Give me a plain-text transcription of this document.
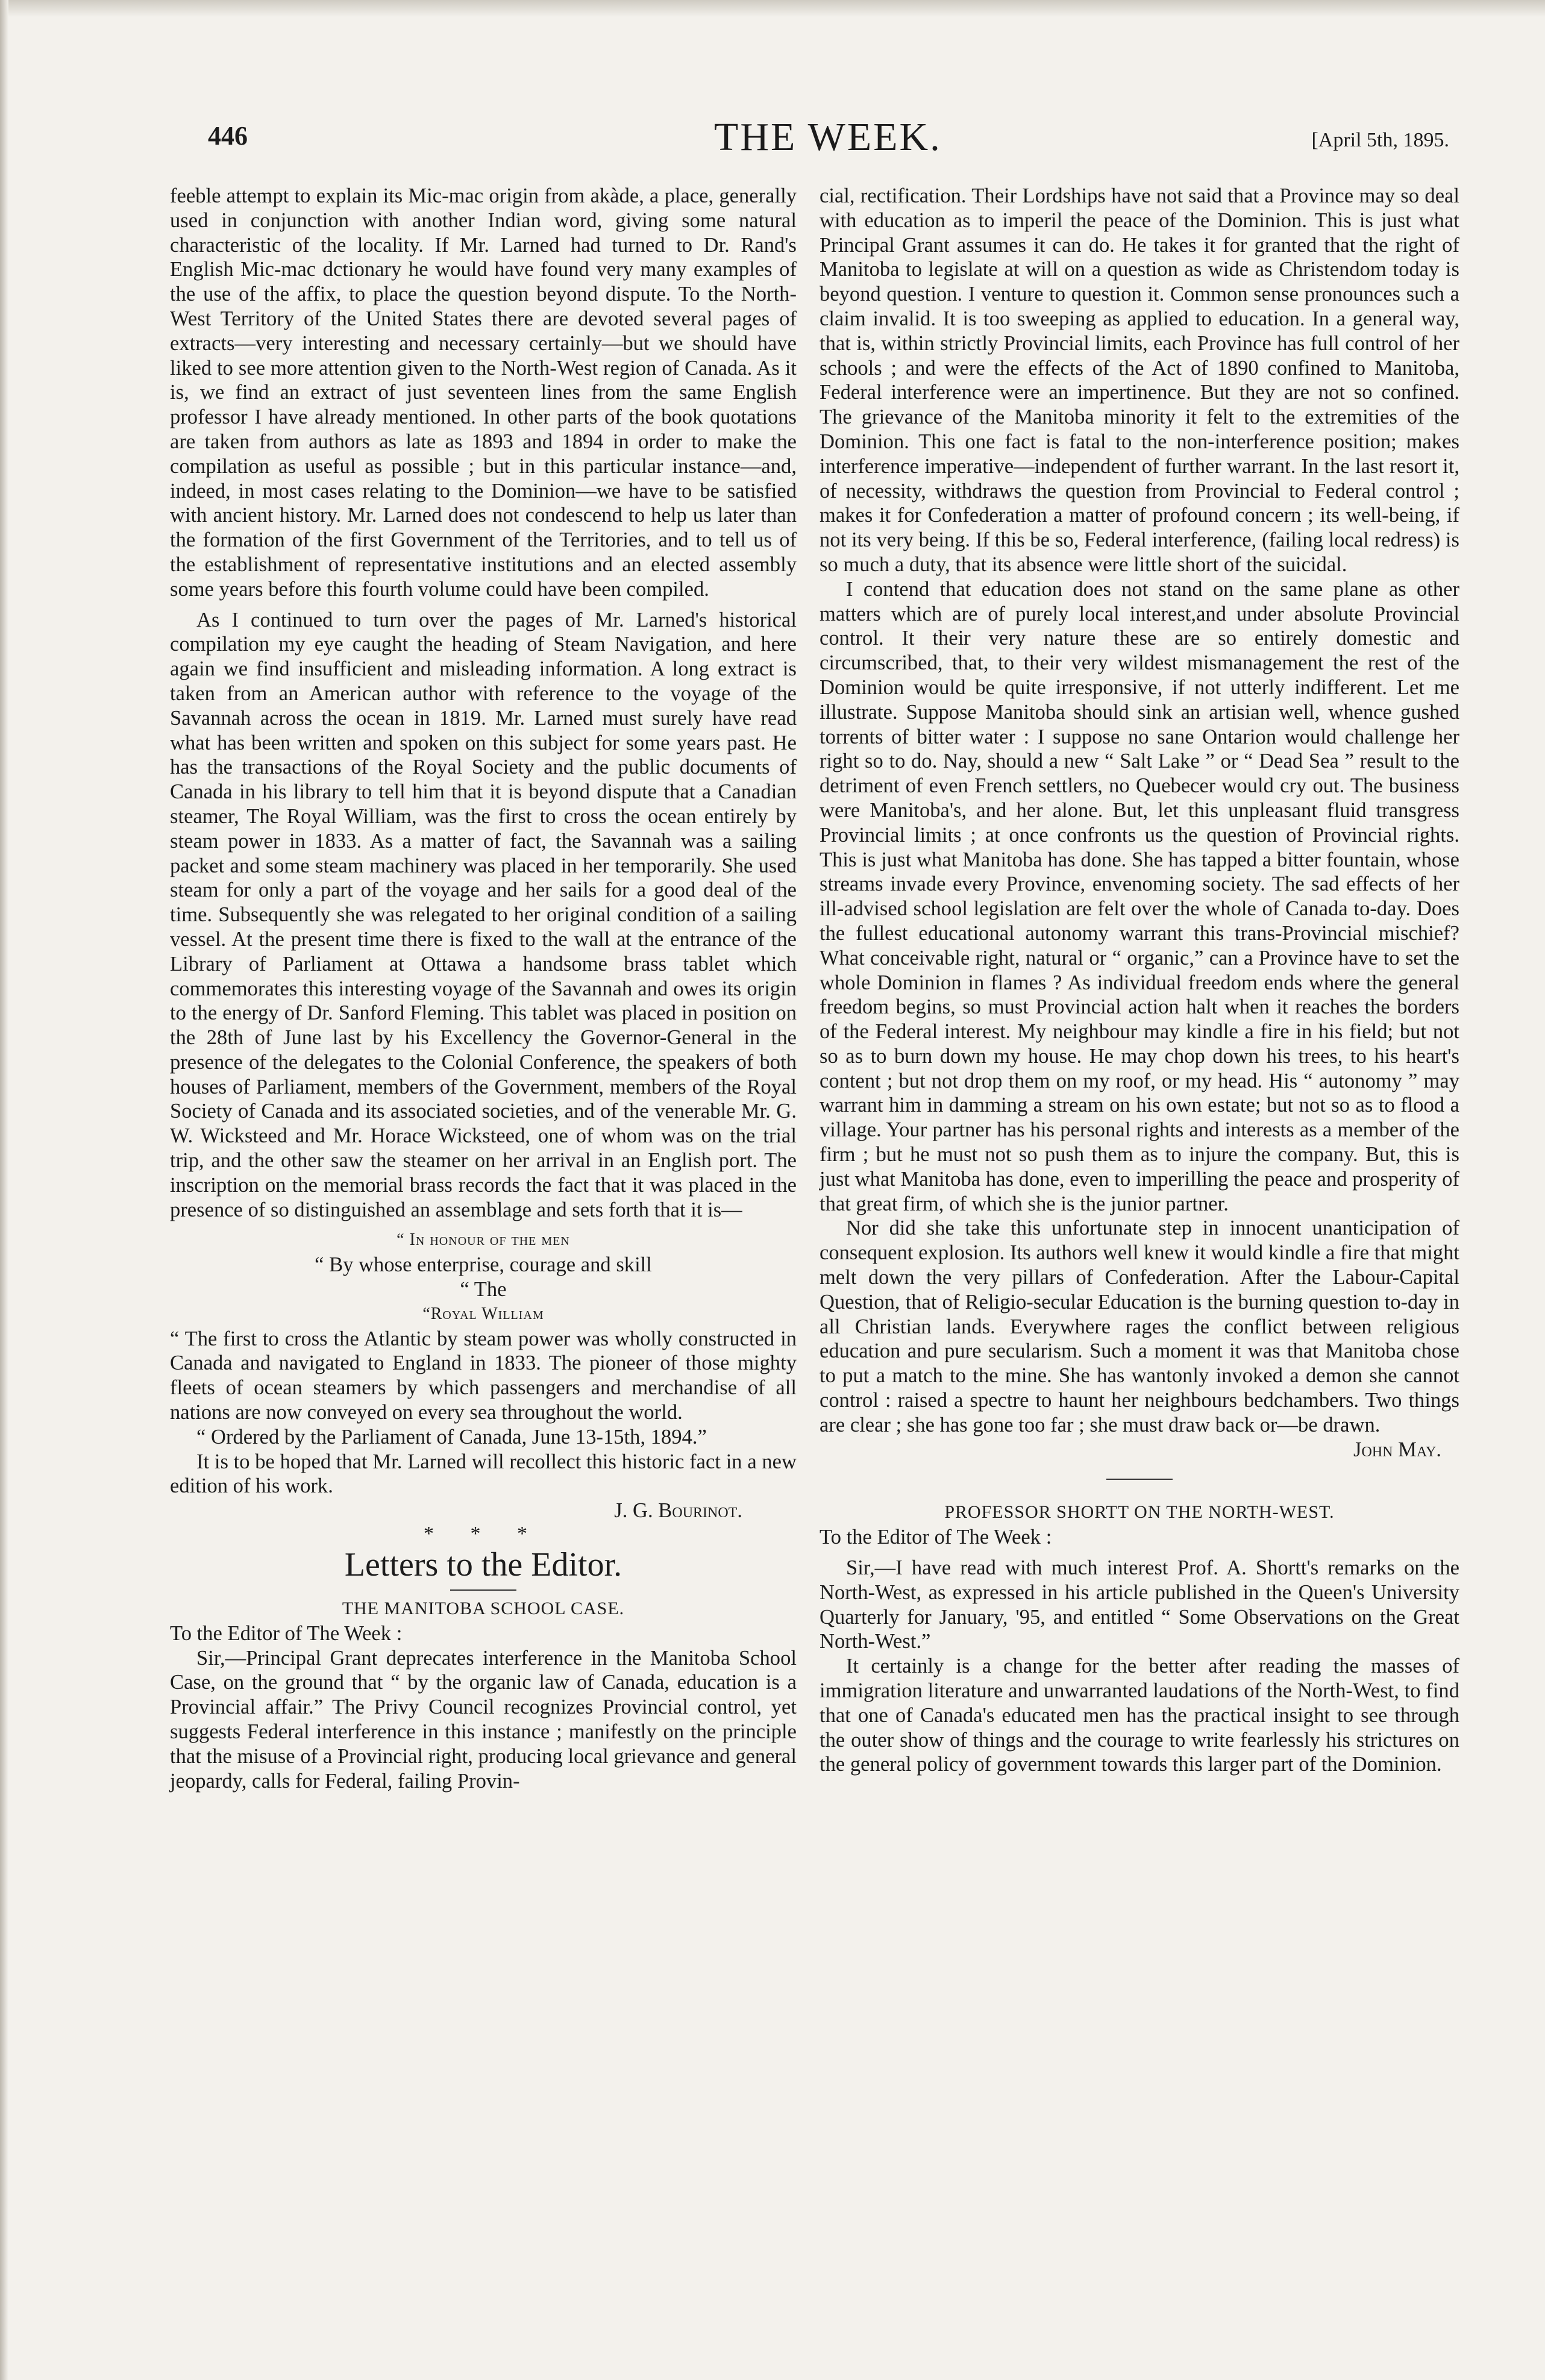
446	THE WEEK.	[April 5th, 1895.

feeble attempt to explain its Mic-mac origin from akàde, a place, generally used in conjunction with another Indian word, giving some natural characteristic of the locality. If Mr. Larned had turned to Dr. Rand's English Mic-mac dctionary he would have found very many examples of the use of the affix, to place the question beyond dispute. To the North-West Territory of the United States there are devoted several pages of extracts—very interesting and necessary certainly—but we should have liked to see more attention given to the North-West region of Canada. As it is, we find an extract of just seventeen lines from the same English professor I have already mentioned. In other parts of the book quotations are taken from authors as late as 1893 and 1894 in order to make the compilation as useful as possible ; but in this particular instance—and, indeed, in most cases relating to the Dominion—we have to be satisfied with ancient history. Mr. Larned does not condescend to help us later than the formation of the first Government of the Territories, and to tell us of the establishment of representative institutions and an elected assembly some years before this fourth volume could have been compiled.

As I continued to turn over the pages of Mr. Larned's historical compilation my eye caught the heading of Steam Navigation, and here again we find insufficient and misleading information. A long extract is taken from an American author with reference to the voyage of the Savannah across the ocean in 1819. Mr. Larned must surely have read what has been written and spoken on this subject for some years past. He has the transactions of the Royal Society and the public documents of Canada in his library to tell him that it is beyond dispute that a Canadian steamer, The Royal William, was the first to cross the ocean entirely by steam power in 1833. As a matter of fact, the Savannah was a sailing packet and some steam machinery was placed in her temporarily. She used steam for only a part of the voyage and her sails for a good deal of the time. Subsequently she was relegated to her original condition of a sailing vessel. At the present time there is fixed to the wall at the entrance of the Library of Parliament at Ottawa a handsome brass tablet which commemorates this interesting voyage of the Savannah and owes its origin to the energy of Dr. Sanford Fleming. This tablet was placed in position on the 28th of June last by his Excellency the Governor-General in the presence of the delegates to the Colonial Conference, the speakers of both houses of Parliament, members of the Government, members of the Royal Society of Canada and its associated societies, and of the venerable Mr. G. W. Wicksteed and Mr. Horace Wicksteed, one of whom was on the trial trip, and the other saw the steamer on her arrival in an English port. The inscription on the memorial brass records the fact that it was placed in the presence of so distinguished an assemblage and sets forth that it is—

“ In honour of the men

“ By whose enterprise, courage and skill

“ The

“Royal William

“ The first to cross the Atlantic by steam power was wholly constructed in Canada and navigated to England in 1833. The pioneer of those mighty fleets of ocean steamers by which passengers and merchandise of all nations are now conveyed on every sea throughout the world.

“ Ordered by the Parliament of Canada, June 13-15th, 1894.”

It is to be hoped that Mr. Larned will recollect this historic fact in a new edition of his work.

J. G. Bourinot.

* * *

Letters to the Editor.

THE MANITOBA SCHOOL CASE.

To the Editor of The Week :

Sir,—Principal Grant deprecates interference in the Manitoba School Case, on the ground that “ by the organic law of Canada, education is a Provincial affair.” The Privy Council recognizes Provincial control, yet suggests Federal interference in this instance ; manifestly on the principle that the misuse of a Provincial right, producing local grievance and general jeopardy, calls for Federal, failing Provin-

cial, rectification. Their Lordships have not said that a Province may so deal with education as to imperil the peace of the Dominion. This is just what Principal Grant assumes it can do. He takes it for granted that the right of Manitoba to legislate at will on a question as wide as Christendom today is beyond question. I venture to question it. Common sense pronounces such a claim invalid. It is too sweeping as applied to education. In a general way, that is, within strictly Provincial limits, each Province has full control of her schools ; and were the effects of the Act of 1890 confined to Manitoba, Federal interference were an impertinence. But they are not so confined. The grievance of the Manitoba minority it felt to the extremities of the Dominion. This one fact is fatal to the non-interference position; makes interference imperative—independent of further warrant. In the last resort it, of necessity, withdraws the question from Provincial to Federal control ; makes it for Confederation a matter of profound concern ; its well-being, if not its very being. If this be so, Federal interference, (failing local redress) is so much a duty, that its absence were little short of the suicidal.

I contend that education does not stand on the same plane as other matters which are of purely local interest,and under absolute Provincial control. It their very nature these are so entirely domestic and circumscribed, that, to their very wildest mismanagement the rest of the Dominion would be quite irresponsive, if not utterly indifferent. Let me illustrate. Suppose Manitoba should sink an artisian well, whence gushed torrents of bitter water : I suppose no sane Ontarion would challenge her right so to do. Nay, should a new “ Salt Lake ” or “ Dead Sea ” result to the detriment of even French settlers, no Quebecer would cry out. The business were Manitoba's, and her alone. But, let this unpleasant fluid transgress Provincial limits ; at once confronts us the question of Provincial rights. This is just what Manitoba has done. She has tapped a bitter fountain, whose streams invade every Province, envenoming society. The sad effects of her ill-advised school legislation are felt over the whole of Canada to-day. Does the fullest educational autonomy warrant this trans-Provincial mischief? What conceivable right, natural or “ organic,” can a Province have to set the whole Dominion in flames ? As individual freedom ends where the general freedom begins, so must Provincial action halt when it reaches the borders of the Federal interest. My neighbour may kindle a fire in his field; but not so as to burn down my house. He may chop down his trees, to his heart's content ; but not drop them on my roof, or my head. His “ autonomy ” may warrant him in damming a stream on his own estate; but not so as to flood a village. Your partner has his personal rights and interests as a member of the firm ; but he must not so push them as to injure the company. But, this is just what Manitoba has done, even to imperilling the peace and prosperity of that great firm, of which she is the junior partner.

Nor did she take this unfortunate step in innocent unanticipation of consequent explosion. Its authors well knew it would kindle a fire that might melt down the very pillars of Confederation. After the Labour-Capital Question, that of Religio-secular Education is the burning question to-day in all Christian lands. Everywhere rages the conflict between religious education and pure secularism. Such a moment it was that Manitoba chose to put a match to the mine. She has wantonly invoked a demon she cannot control : raised a spectre to haunt her neighbours bedchambers. Two things are clear ; she has gone too far ; she must draw back or—be drawn.

John May.

PROFESSOR SHORTT ON THE NORTH-WEST.

To the Editor of The Week :

Sir,—I have read with much interest Prof. A. Shortt's remarks on the North-West, as expressed in his article published in the Queen's University Quarterly for January, '95, and entitled “ Some Observations on the Great North-West.”

It certainly is a change for the better after reading the masses of immigration literature and unwarranted laudations of the North-West, to find that one of Canada's educated men has the practical insight to see through the outer show of things and the courage to write fearlessly his strictures on the general policy of government towards this larger part of the Dominion.
